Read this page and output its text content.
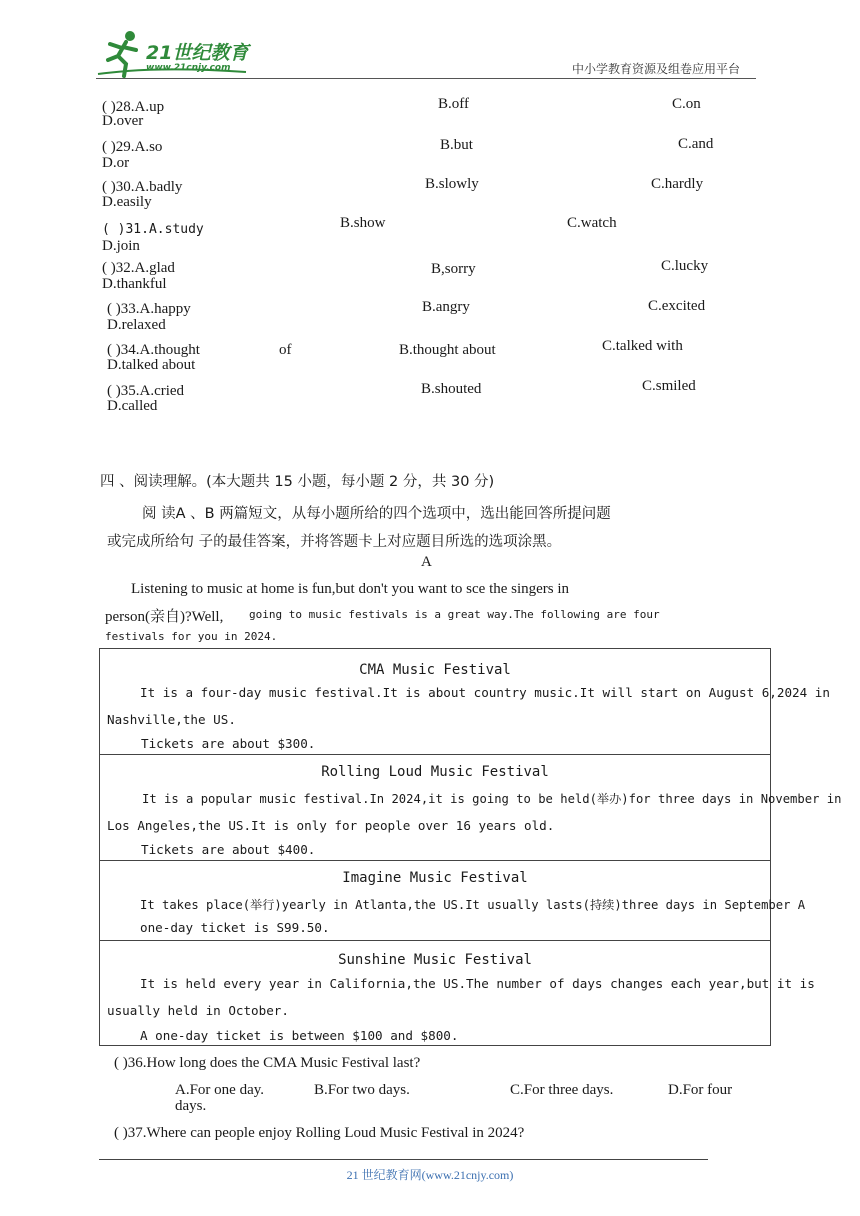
21世纪教育
www.21cnjy.com	中小学教育资源及组卷应用平台
( )28.A.up	B.off	C.on
D.over
( )29.A.so	B.but	C.and
D.or
( )30.A.badly	B.slowly	C.hardly
D.easily
( )31.A.study	B.show	C.watch
D.join
( )32.A.glad	B,sorry	C.lucky
D.thankful
( )33.A.happy	B.angry	C.excited
D.relaxed
( )34.A.thought	of	B.thought about	C.talked with
D.talked about
( )35.A.cried	B.shouted	C.smiled
D.called
四 、阅读理解。(本大题共 15 小题，每小题 2 分，共 30 分)
阅 读A 、B 两篇短文，从每小题所给的四个选项中，选出能回答所提问题
或完成所给句 子的最佳答案，并将答题卡上对应题目所选的选项涂黑。
A
Listening to music at home is fun,but don't you want to sce the singers in
person(亲自)?Well, going to music festivals is a great way.The following are four
festivals for you in 2024.
CMA Music Festival
It is a four-day music festival.It is about country music.It will start on August 6,2024 in
Nashville,the US.
Tickets are about $300.
Rolling Loud Music Festival
It is a popular music festival.In 2024,it is going to be held(举办)for three days in November in
Los Angeles,the US.It is only for people over 16 years old.
Tickets are about $400.
Imagine Music Festival
It takes place(举行)yearly in Atlanta,the US.It usually lasts(持续)three days in September A
one-day ticket is S99.50.
Sunshine Music Festival
It is held every year in California,the US.The number of days changes each year,but it is
usually held in October.
A one-day ticket is between $100 and $800.
( )36.How long does the CMA Music Festival last?
A.For one day.	B.For two days.	C.For three days.	D.For four
days.
( )37.Where can people enjoy Rolling Loud Music Festival in 2024?
21 世纪教育网(www.21cnjy.com)
